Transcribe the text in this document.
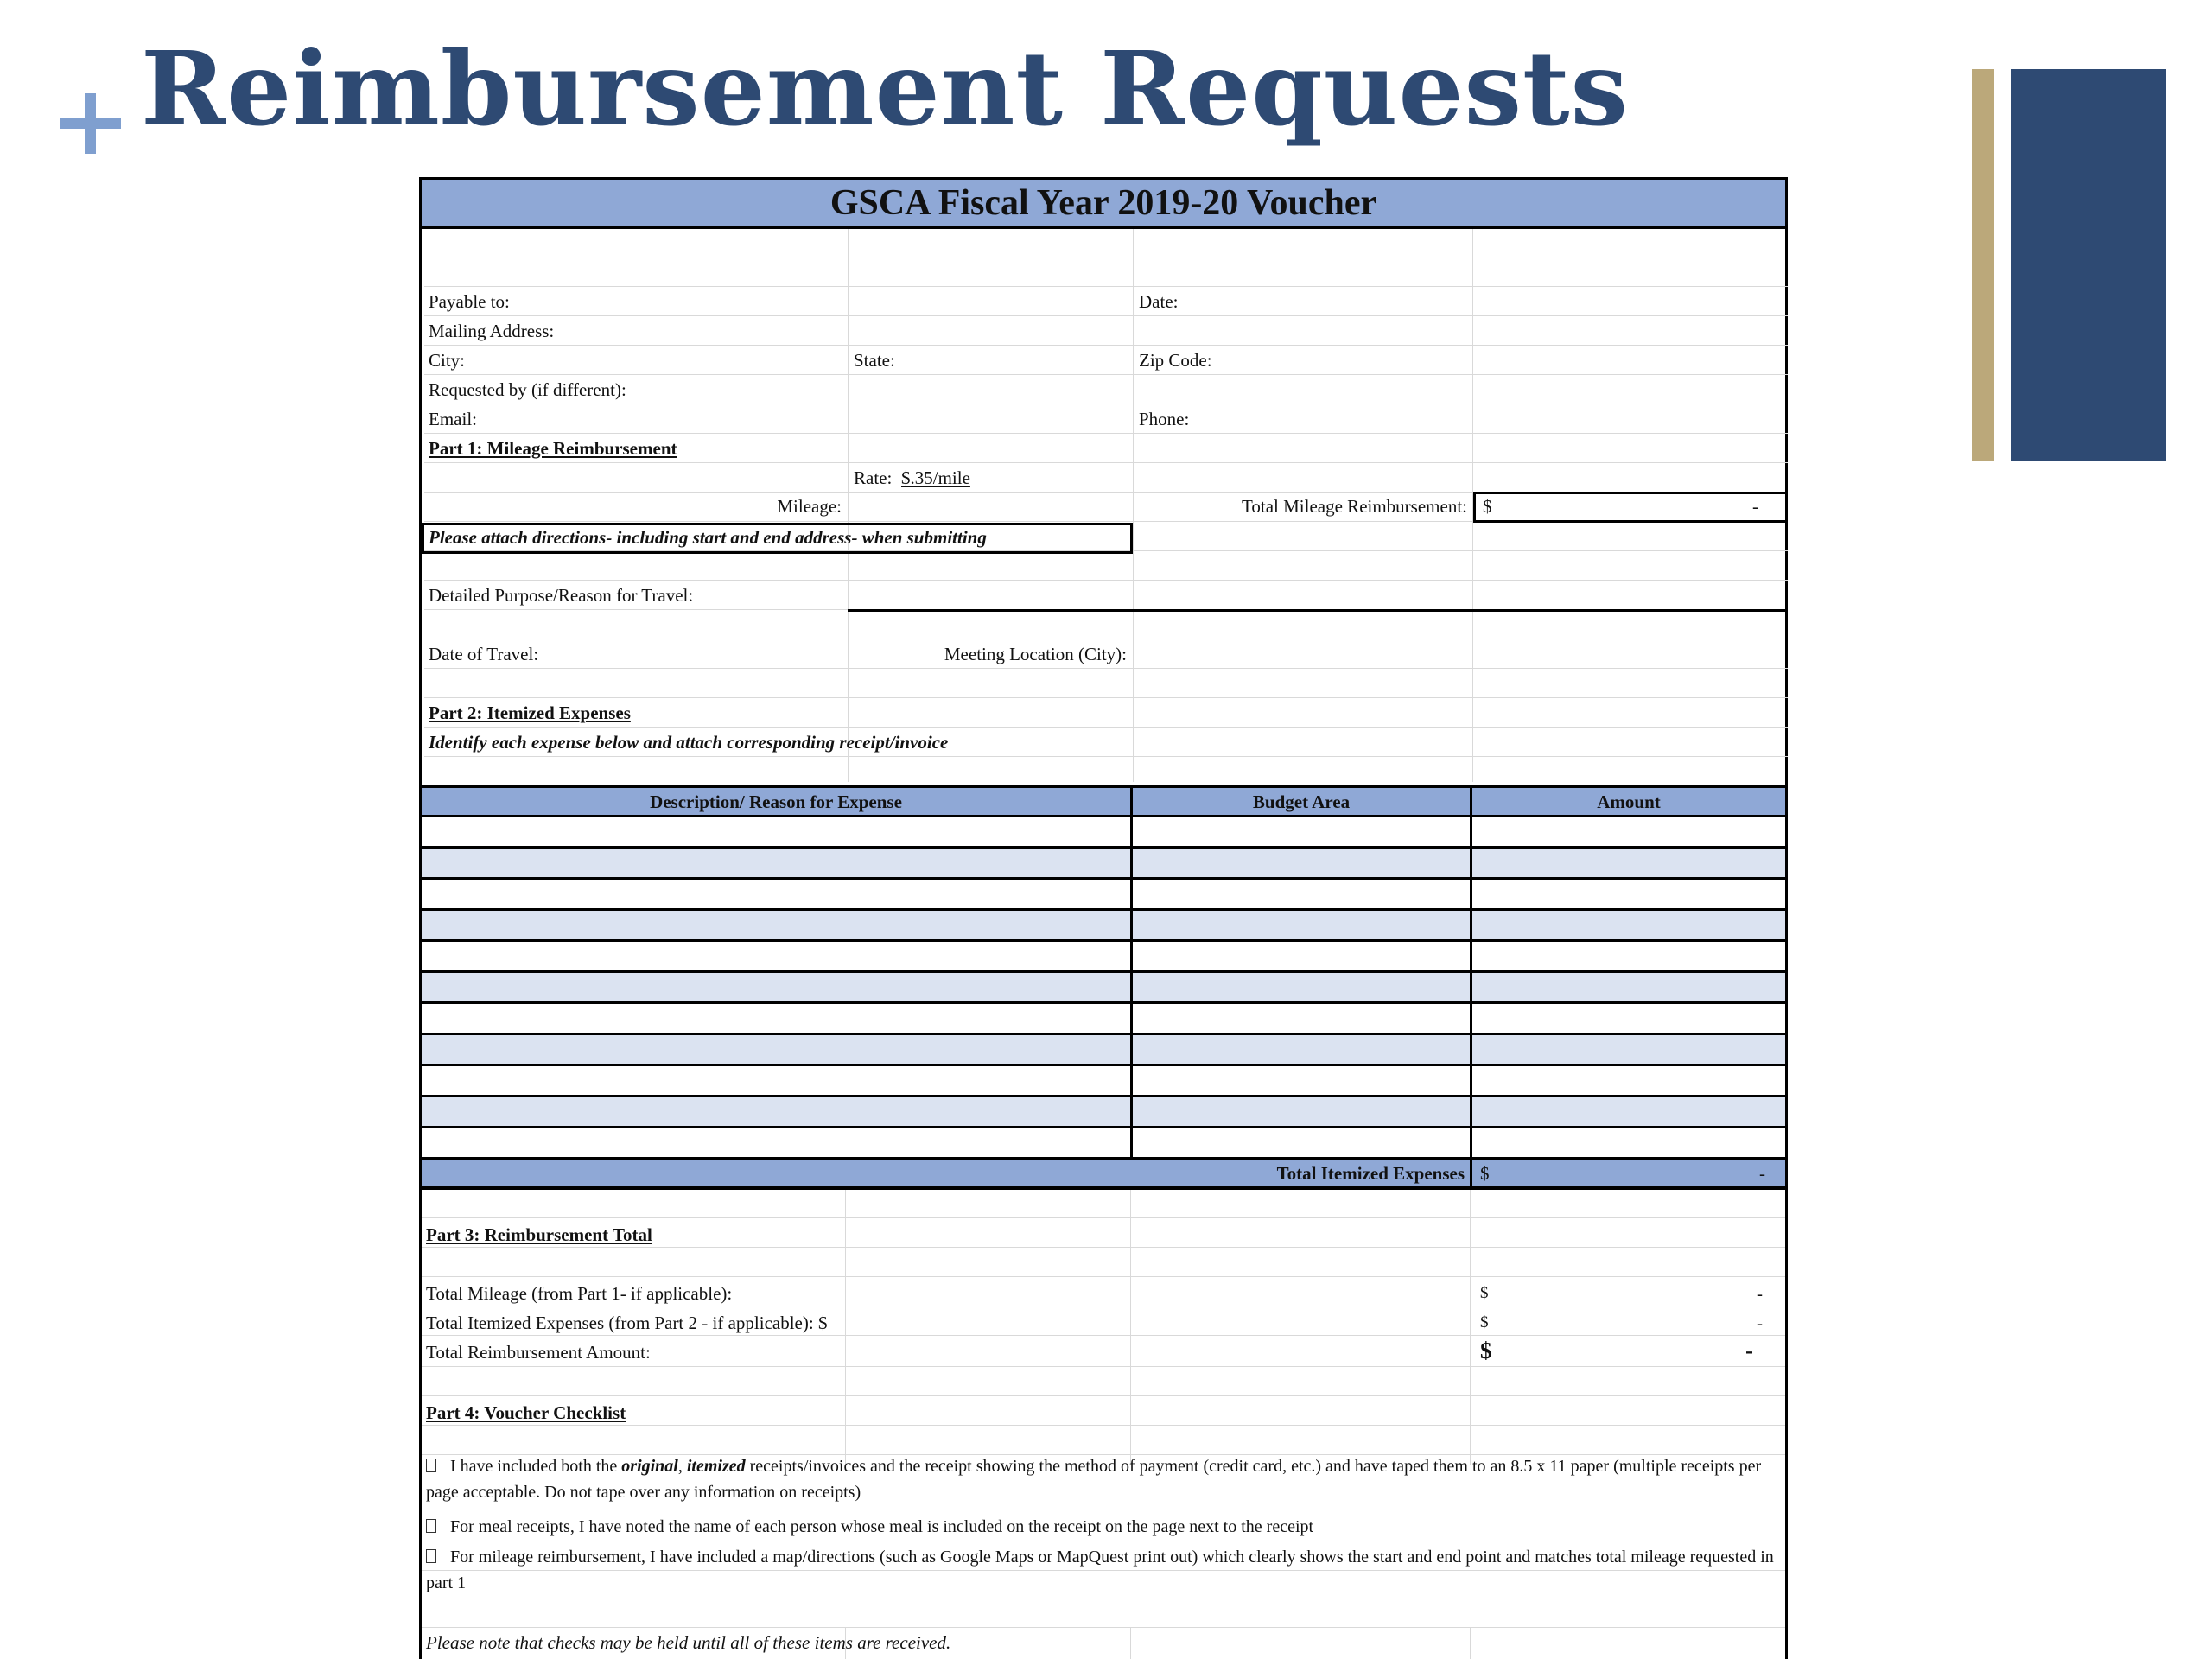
Reimbursement Requests
GSCA Fiscal Year 2019-20 Voucher
Payable to:	Date:
Mailing Address:
City:	State:	Zip Code:
Requested by (if different):
Email:	Phone:
Part 1: Mileage Reimbursement
Rate: $.35/mile
Mileage:	Total Mileage Reimbursement: $	-
Please attach directions- including start and end address- when submitting
Detailed Purpose/Reason for Travel:
Date of Travel:	Meeting Location (City):
Part 2: Itemized Expenses
Identify each expense below and attach corresponding receipt/invoice
Description/ Reason for Expense	Budget Area	Amount
Total Itemized Expenses $	-
Part 3: Reimbursement Total
Total Mileage (from Part 1- if applicable):	$	-
Total Itemized Expenses (from Part 2 - if applicable): $	$	-
Total Reimbursement Amount:	$	-
Part 4: Voucher Checklist
I have included both the original, itemized receipts/invoices and the receipt showing the method of payment (credit card, etc.) and have taped them to an 8.5 x 11 paper (multiple receipts per page acceptable. Do not tape over any information on receipts)
For meal receipts, I have noted the name of each person whose meal is included on the receipt on the page next to the receipt
For mileage reimbursement, I have included a map/directions (such as Google Maps or MapQuest print out) which clearly shows the start and end point and matches total mileage requested in part 1
Please note that checks may be held until all of these items are received.
